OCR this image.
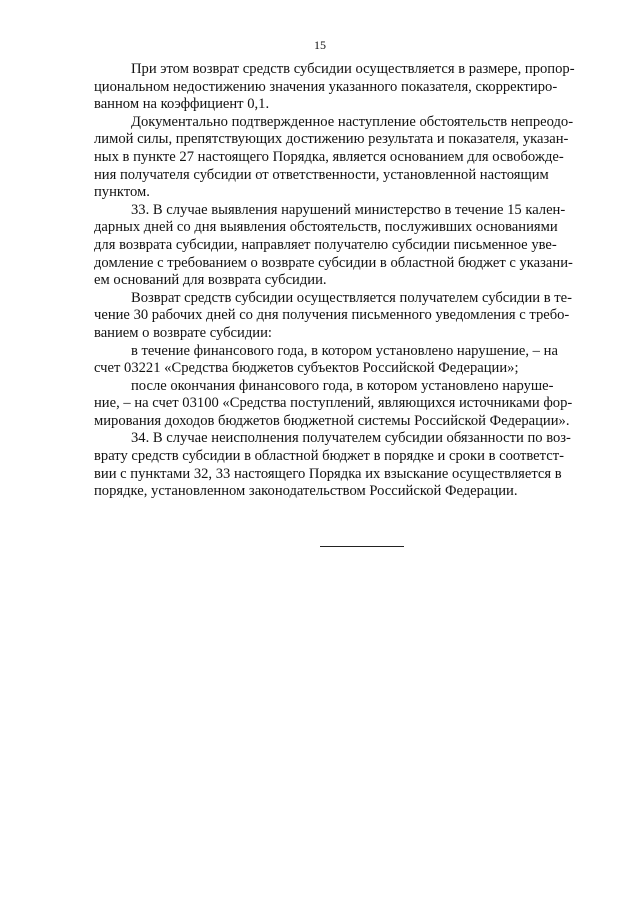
15
При этом возврат средств субсидии осуществляется в размере, пропор-
циональном недостижению значения указанного показателя, скорректиро-
ванном на коэффициент 0,1.
Документально подтвержденное наступление обстоятельств непреодо-
лимой силы, препятствующих достижению результата и показателя, указан-
ных в пункте 27 настоящего Порядка, является основанием для освобожде-
ния получателя субсидии от ответственности, установленной настоящим
пунктом.
33. В случае выявления нарушений министерство в течение 15 кален-
дарных дней со дня выявления обстоятельств, послуживших основаниями
для возврата субсидии, направляет получателю субсидии письменное уве-
домление с требованием о возврате субсидии в областной бюджет с указани-
ем оснований для возврата субсидии.
Возврат средств субсидии осуществляется получателем субсидии в те-
чение 30 рабочих дней со дня получения письменного уведомления с требо-
ванием о возврате субсидии:
в течение финансового года, в котором установлено нарушение, – на
счет 03221 «Средства бюджетов субъектов Российской Федерации»;
после окончания финансового года, в котором установлено наруше-
ние, – на счет 03100 «Средства поступлений, являющихся источниками фор-
мирования доходов бюджетов бюджетной системы Российской Федерации».
34. В случае неисполнения получателем субсидии обязанности по воз-
врату средств субсидии в областной бюджет в порядке и сроки в соответст-
вии с пунктами 32, 33 настоящего Порядка их взыскание осуществляется в
порядке, установленном законодательством Российской Федерации.
